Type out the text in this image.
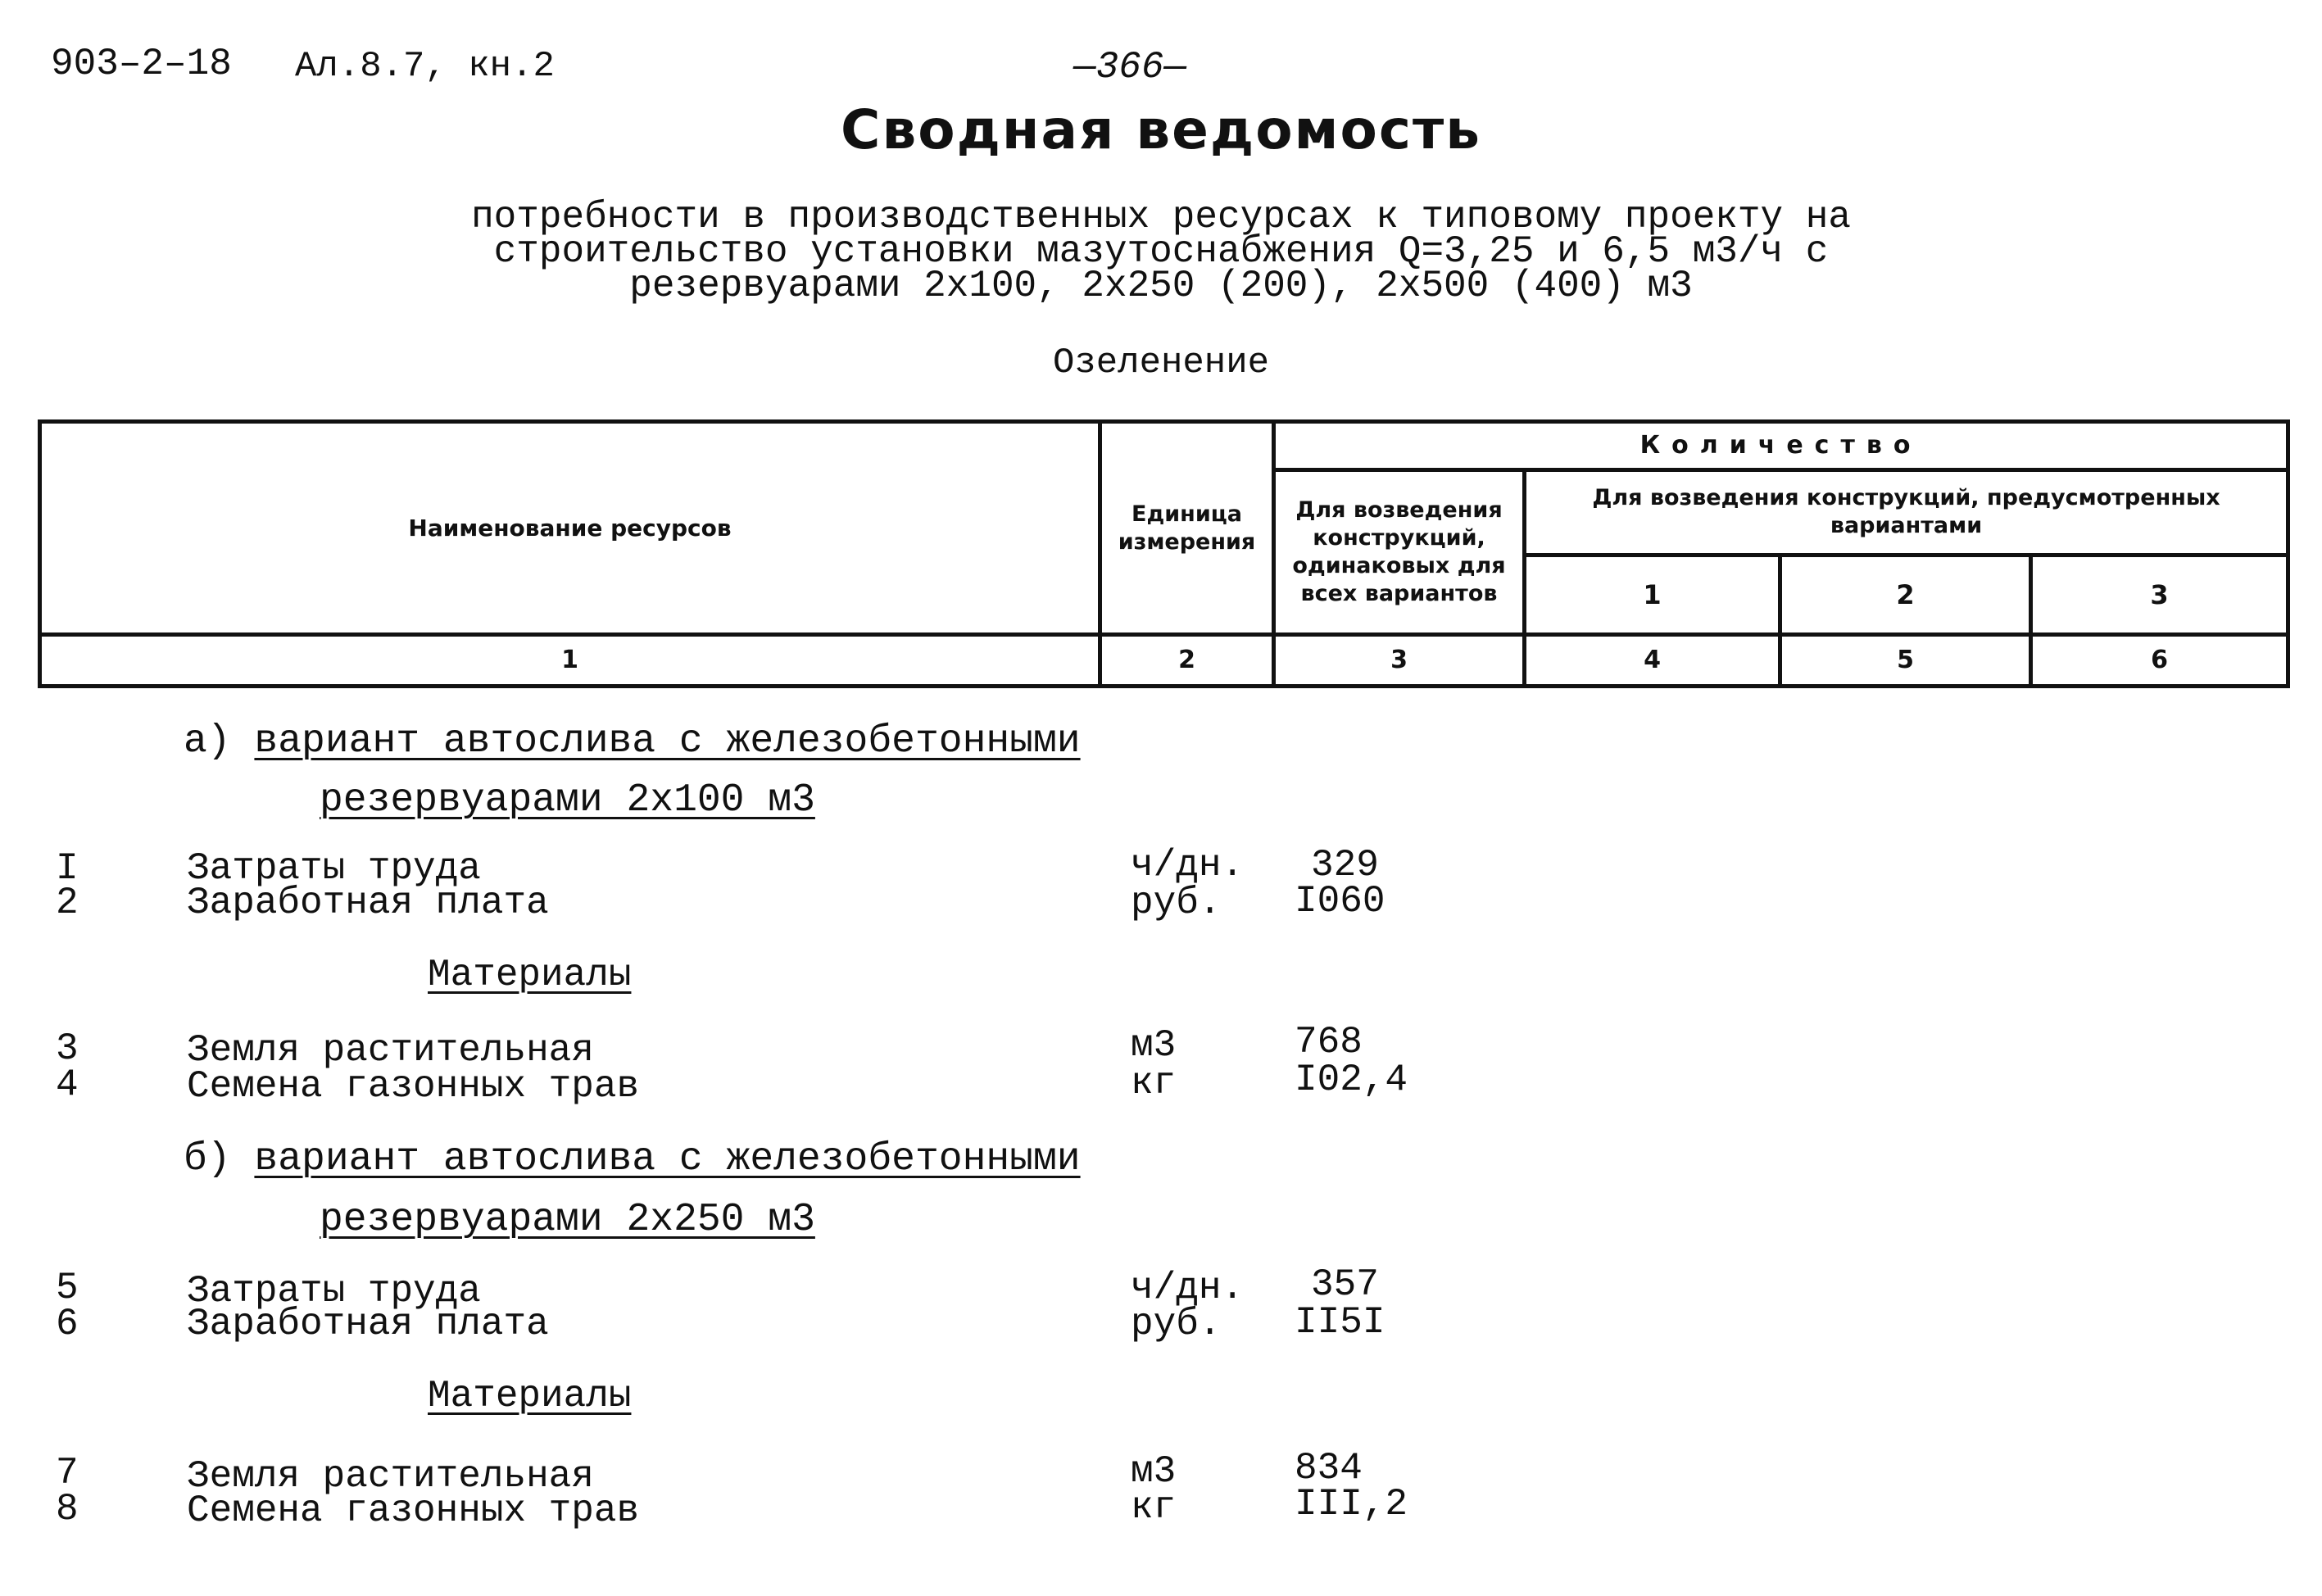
903–2–18 Ал.8.7, кн.2	—366—
Сводная ведомость
потребности в производственных ресурсах к типовому проекту на
строительство установки мазутоснабжения Q=3,25 и 6,5 м3/ч с
резервуарами 2х100, 2х250 (200), 2х500 (400) м3
Озеленение
Наименование ресурсов	Единица измерения	Количество			
		Для возведения конструкций, одинаковых для всех вариантов	Для возведения конструкций, предусмотренных вариантами		
			1	2	3
1	2	3	4	5	6
а) вариант автослива с железобетонными
резервуарами 2х100 м3
I	Затраты труда	ч/дн. 329
2	Заработная плата	руб. I060
Материалы
3	Земля растительная	м3	768
4	Семена газонных трав	кг	I02,4
б) вариант автослива с железобетонными
резервуарами 2х250 м3
5	Затраты труда	ч/дн. 357
6	Заработная плата	руб. II5I
Материалы
7	Земля растительная	м3	834
8	Семена газонных трав	кг	III,2
